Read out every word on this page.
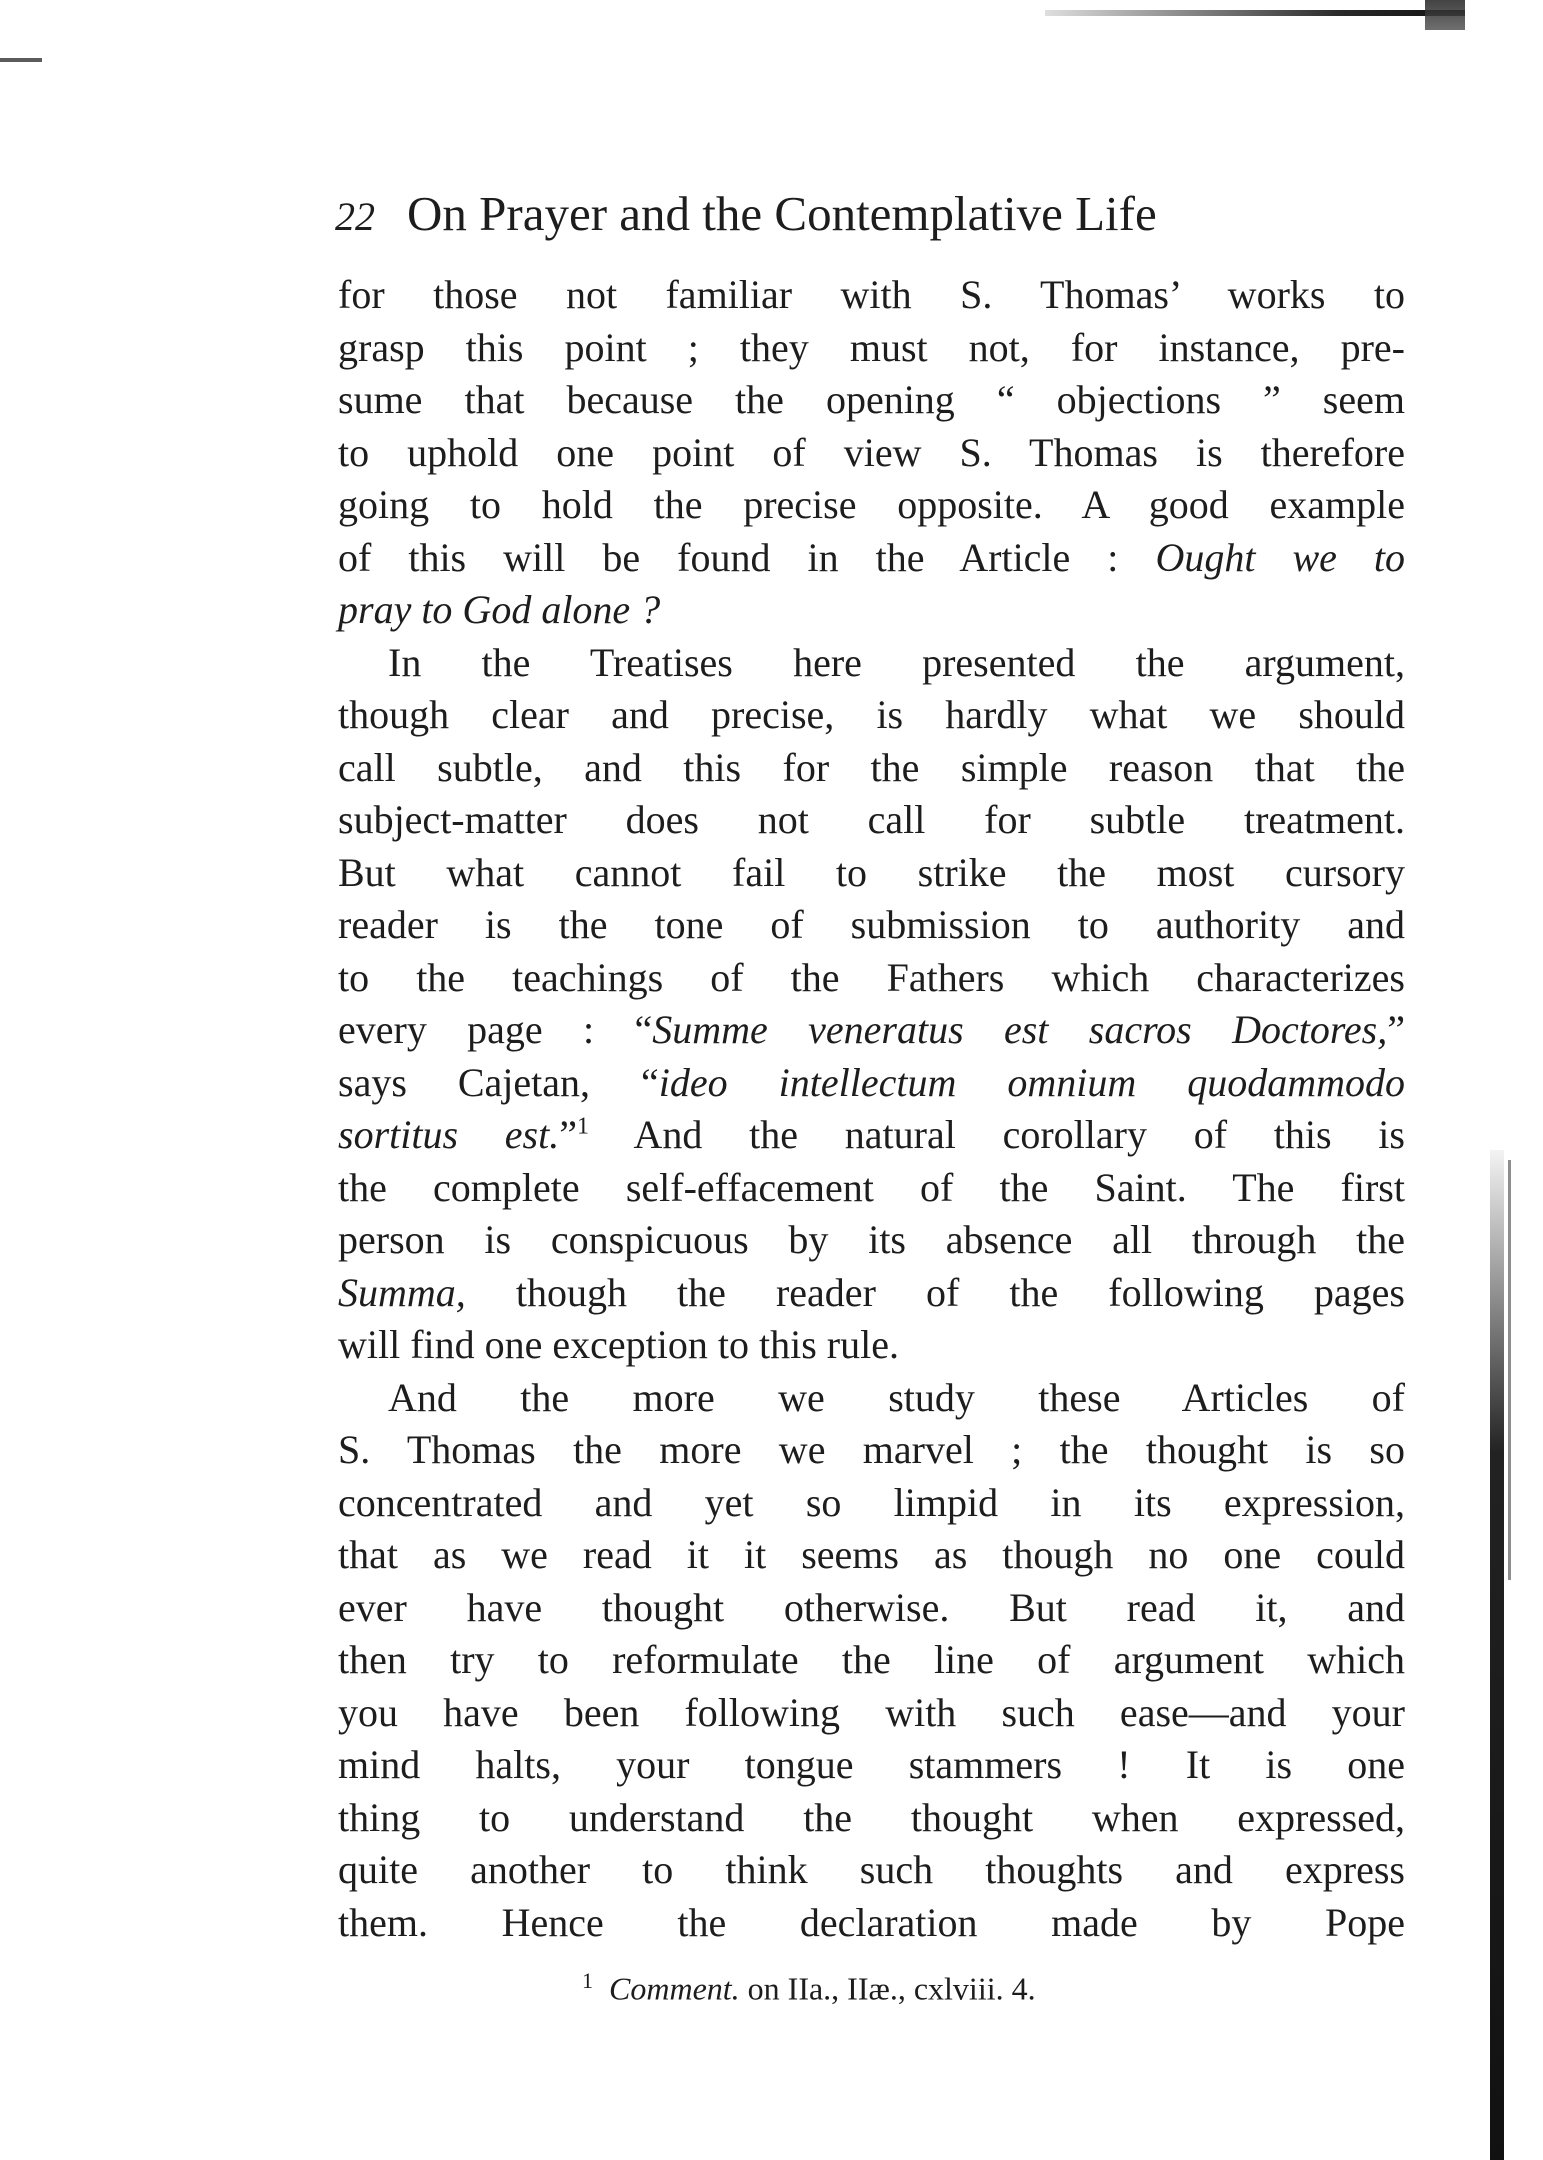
22 On Prayer and the Contemplative Life
for those not familiar with S. Thomas’ works to
grasp this point ; they must not, for instance, pre-
sume that because the opening “ objections ” seem
to uphold one point of view S. Thomas is therefore
going to hold the precise opposite. A good example
of this will be found in the Article : Ought we to
pray to God alone ?
In the Treatises here presented the argument,
though clear and precise, is hardly what we should
call subtle, and this for the simple reason that the
subject-matter does not call for subtle treatment.
But what cannot fail to strike the most cursory
reader is the tone of submission to authority and
to the teachings of the Fathers which characterizes
every page : “Summe veneratus est sacros Doctores,”
says Cajetan, “ideo intellectum omnium quodammodo
sortitus est.”$^1$ And the natural corollary of this is
the complete self-effacement of the Saint. The first
person is conspicuous by its absence all through the
Summa, though the reader of the following pages
will find one exception to this rule.
And the more we study these Articles of
S. Thomas the more we marvel ; the thought is so
concentrated and yet so limpid in its expression,
that as we read it it seems as though no one could
ever have thought otherwise. But read it, and
then try to reformulate the line of argument which
you have been following with such ease—and your
mind halts, your tongue stammers ! It is one
thing to understand the thought when expressed,
quite another to think such thoughts and express
them. Hence the declaration made by Pope
$^1$ Comment. on IIa., IIæ., cxlviii. 4.
